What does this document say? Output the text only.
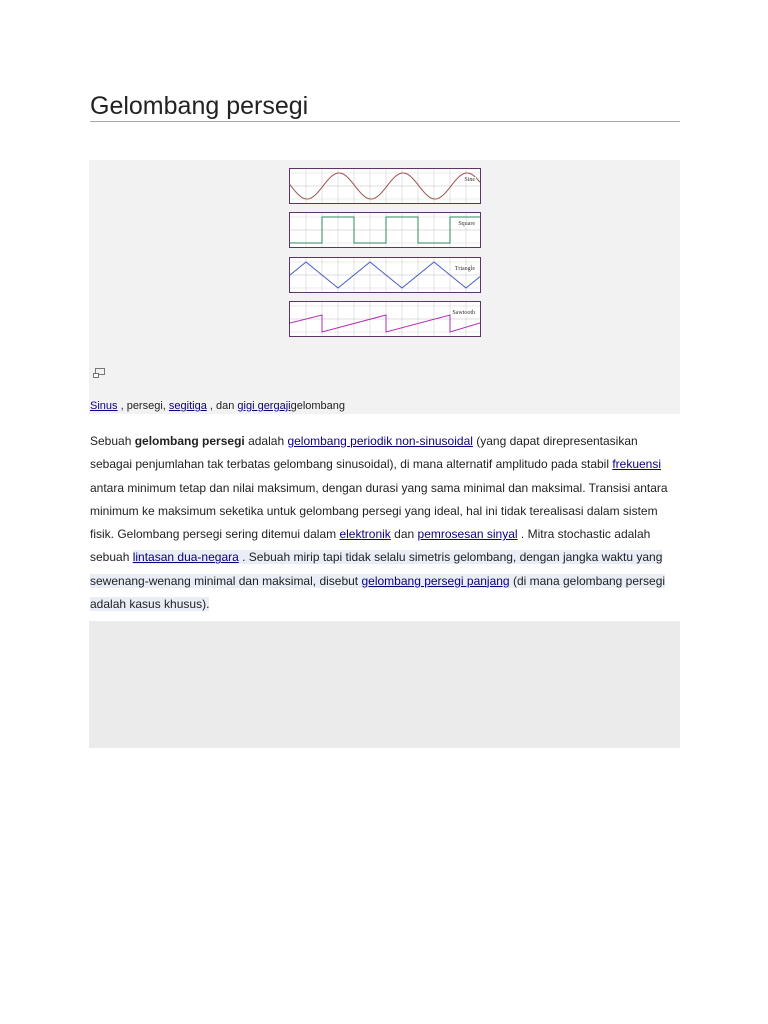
Gelombang persegi
Sine
Square
Triangle
Sawtooth
Sinus , persegi, segitiga , dan gigi gergajigelombang

Sebuah gelombang persegi adalah gelombang periodik non-sinusoidal (yang dapat direpresentasikan sebagai penjumlahan tak terbatas gelombang sinusoidal), di mana alternatif amplitudo pada stabil frekuensi antara minimum tetap dan nilai maksimum, dengan durasi yang sama minimal dan maksimal. Transisi antara minimum ke maksimum seketika untuk gelombang persegi yang ideal, hal ini tidak terealisasi dalam sistem fisik. Gelombang persegi sering ditemui dalam elektronik dan pemrosesan sinyal . Mitra stochastic adalah sebuah lintasan dua-negara . Sebuah mirip tapi tidak selalu simetris gelombang, dengan jangka waktu yang sewenang-wenang minimal dan maksimal, disebut gelombang persegi panjang (di mana gelombang persegi adalah kasus khusus).
